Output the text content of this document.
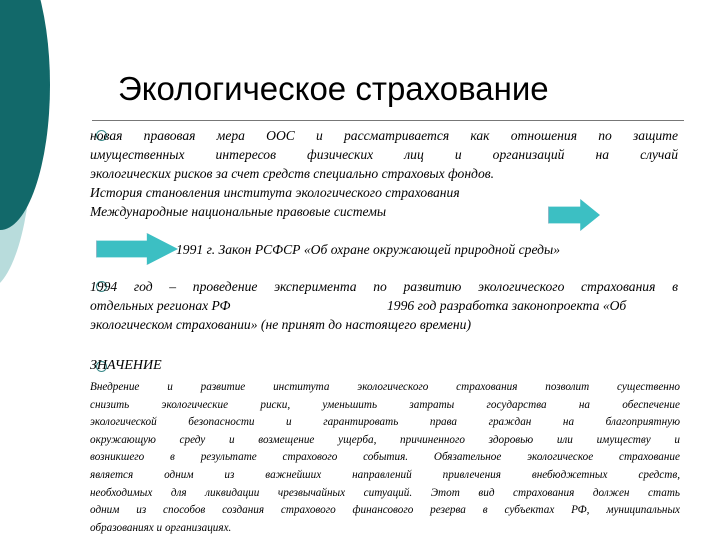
Экологическое страхование
новая правовая мера ООС и рассматривается как отношения по защите
имущественных интересов физических лиц и организаций на случай
экологических рисков за счет средств специально страховых фондов.
История становления института экологического страхования
Международные национальные правовые системы
1991 г. Закон РСФСР «Об охране окружающей природной среды»
1994 год – проведение эксперимента по развитию экологического страхования в
отдельных регионах РФ	1996 год разработка законопроекта «Об
экологическом страховании» (не принят до настоящего времени)
ЗНАЧЕНИЕ
Внедрение и развитие института экологического страхования позволит существенно
снизить экологические риски, уменьшить затраты государства на обеспечение
экологической безопасности и гарантировать права граждан на благоприятную
окружающую среду и возмещение ущерба, причиненного здоровью или имуществу и
возникшего в результате страхового события. Обязательное экологическое страхование
является одним из важнейших направлений привлечения внебюджетных средств,
необходимых для ликвидации чрезвычайных ситуаций. Этот вид страхования должен стать
одним из способов создания страхового финансового резерва в субъектах РФ, муниципальных
образованиях и организациях.
